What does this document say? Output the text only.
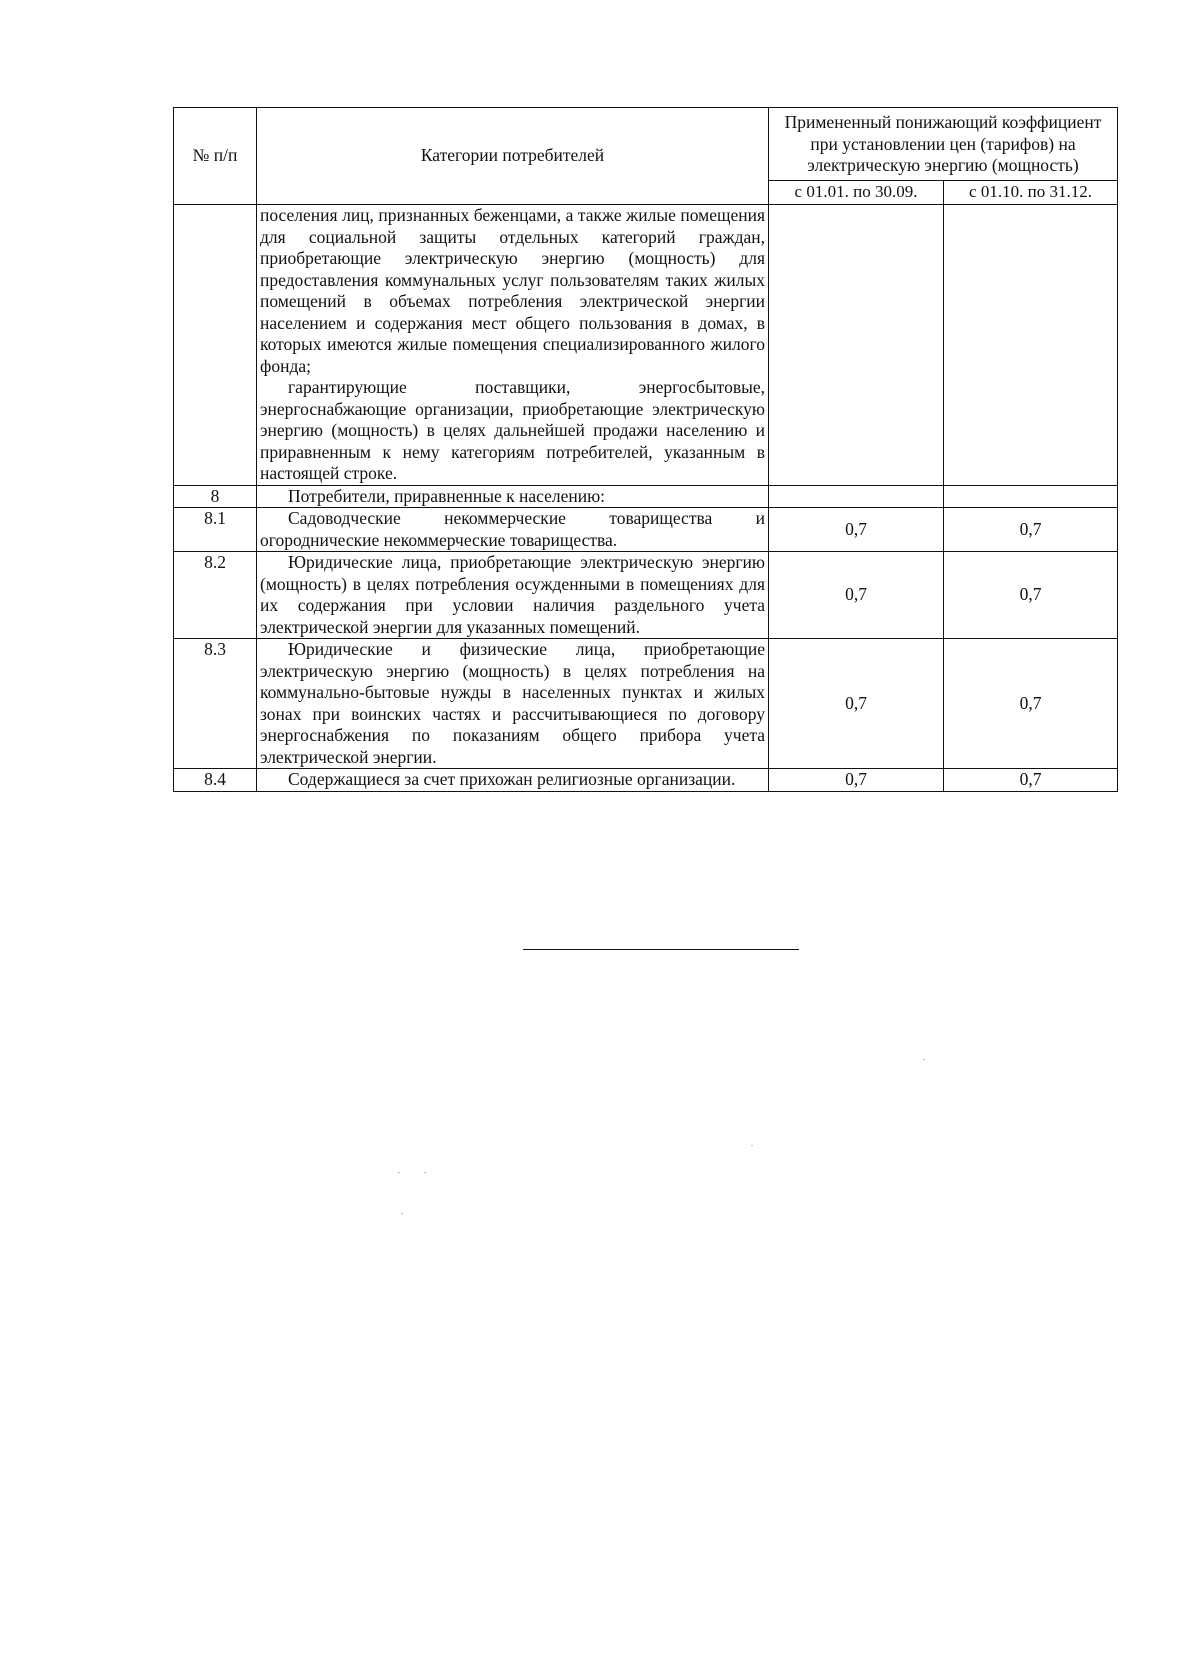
№ п/п	Категории потребителей	Примененный понижающий коэффициент при установлении цен (тарифов) на электрическую энергию (мощность)	
		с 01.01. по 30.09.	с 01.10. по 31.12.

	поселения лиц, признанных беженцами, а также жилые помещения для социальной защиты отдельных категорий граждан, приобретающие электрическую энергию (мощность) для предоставления коммунальных услуг пользователям таких жилых помещений в объемах потребления электрической энергии населением и содержания мест общего пользования в домах, в которых имеются жилые помещения специализированного жилого фонда;

гарантирующие поставщики, энергосбытовые, энергоснабжающие организации, приобретающие электрическую энергию (мощность) в целях дальнейшей продажи населению и приравненным к нему категориям потребителей, указанным в настоящей строке.		

8	Потребители, приравненные к населению:		

8.1	Садоводческие некоммерческие товарищества и огороднические некоммерческие товарищества.	0,7	0,7
8.2	Юридические лица, приобретающие электрическую энергию (мощность) в целях потребления осужденными в помещениях для их содержания при условии наличия раздельного учета электрической энергии для указанных помещений.	0,7	0,7
8.3	Юридические и физические лица, приобретающие электрическую энергию (мощность) в целях потребления на коммунально-бытовые нужды в населенных пунктах и жилых зонах при воинских частях и рассчитывающиеся по договору энергоснабжения по показаниям общего прибора учета электрической энергии.	0,7	0,7
8.4	Содержащиеся за счет прихожан религиозные организации.	0,7	0,7
